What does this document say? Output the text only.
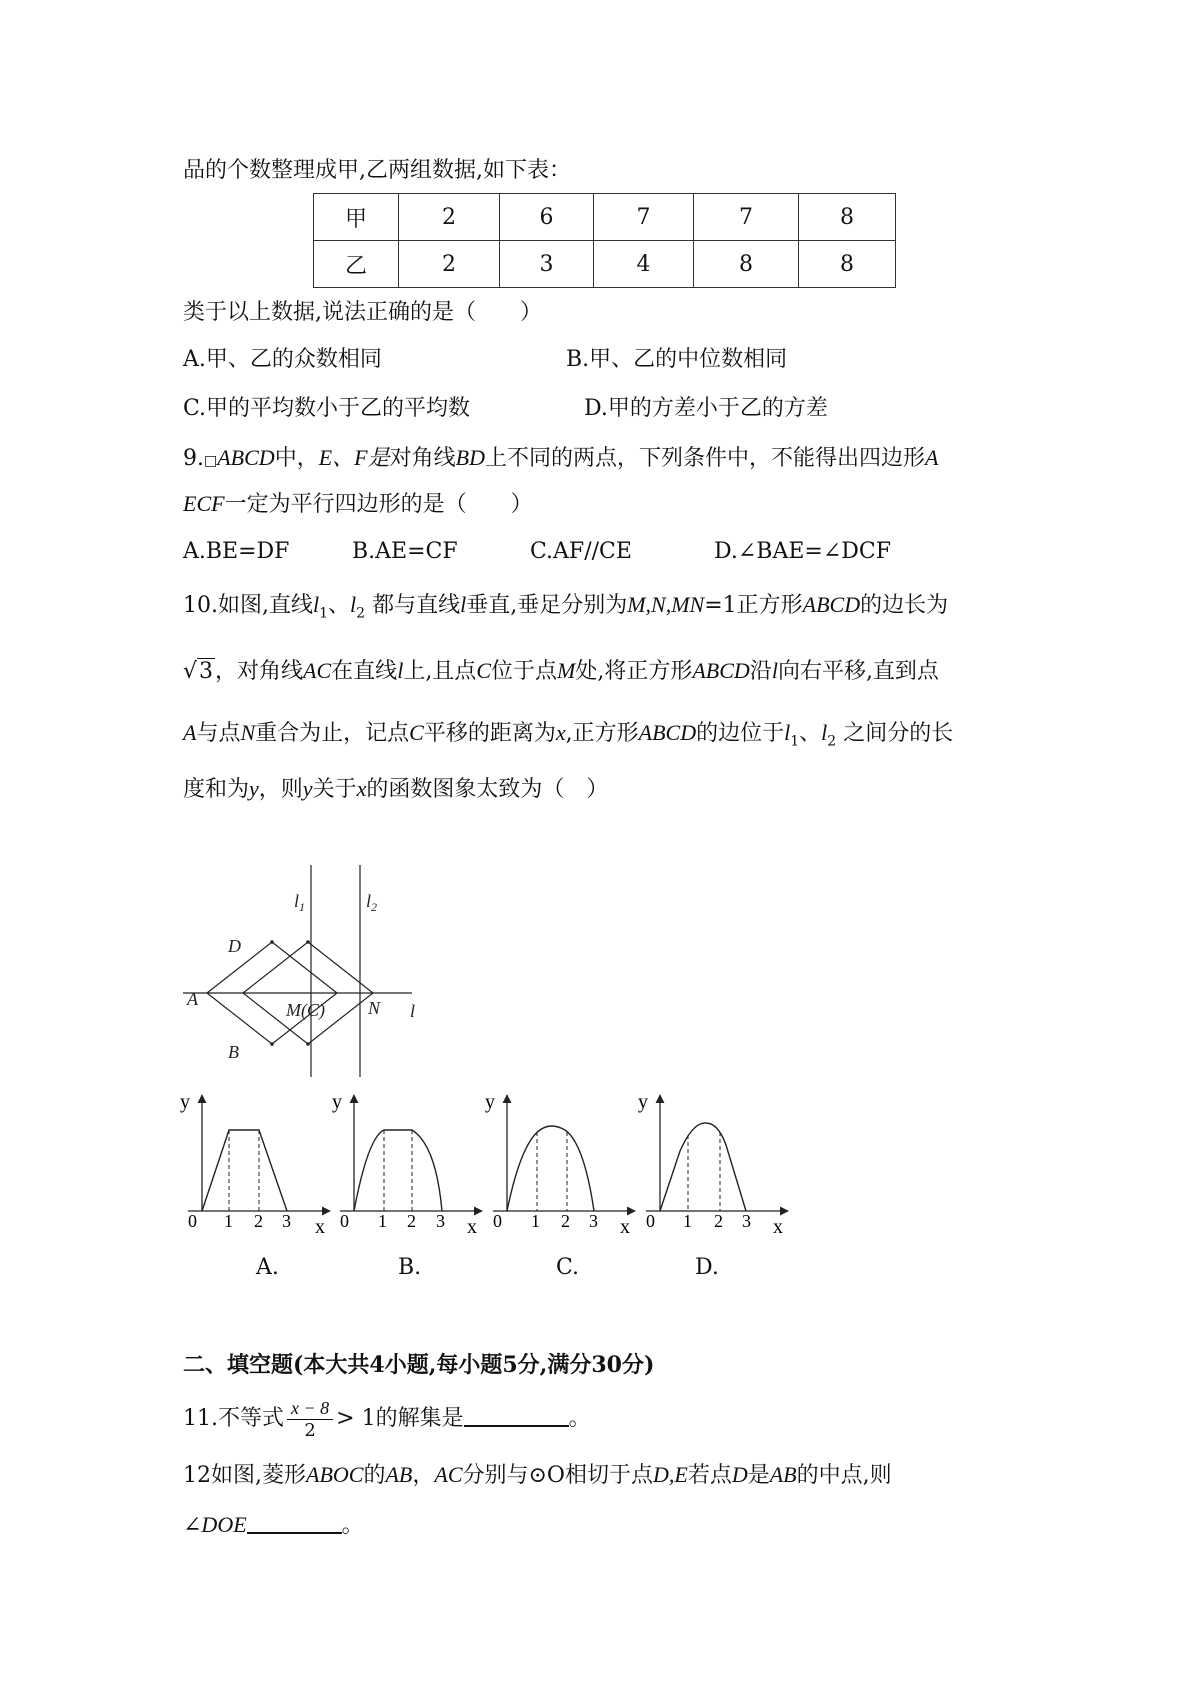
品的个数整理成甲,乙两组数据,如下表：
甲	2	6	7	7	8
乙	2	3	4	8	8
类于以上数据,说法正确的是（　　）
A.甲、乙的众数相同	B.甲、乙的中位数相同
C.甲的平均数小于乙的平均数	D.甲的方差小于乙的方差
9.□ABCD中，E、F是对角线BD上不同的两点，下列条件中，不能得出四边形A
ECF一定为平行四边形的是（　　）
A.BE=DF	B.AE=CF	C.AF//CE	D.∠BAE=∠DCF
10.如图,直线$l_1$、$l_2$ 都与直线l垂直,垂足分别为M,N,MN=1正方形ABCD的边长为
√3，对角线AC在直线l上,且点C位于点M处,将正方形ABCD沿l向右平移,直到点
A与点N重合为止，记点C平移的距离为x,正方形ABCD的边位于$l_1$、$l_2$ 之间分的长
度和为y，则y关于x的函数图象太致为（　）
D
A
B
M(C) N l
$l_1$	$l_2$
y
x
0 1 2 3
y
x
0 1 2 3
y
x
0 1 2 3
y
x
0 1 2 3
A.	B.	C.	D.
二、填空题(本大共4小题,每小题5分,满分30分)
11.不等式 $\frac{x - 8}{2} > 1$的解集是	。
12如图,菱形ABOC的AB，AC分别与⊙O相切于点D,E若点D是AB的中点,则
∠DOE	。
